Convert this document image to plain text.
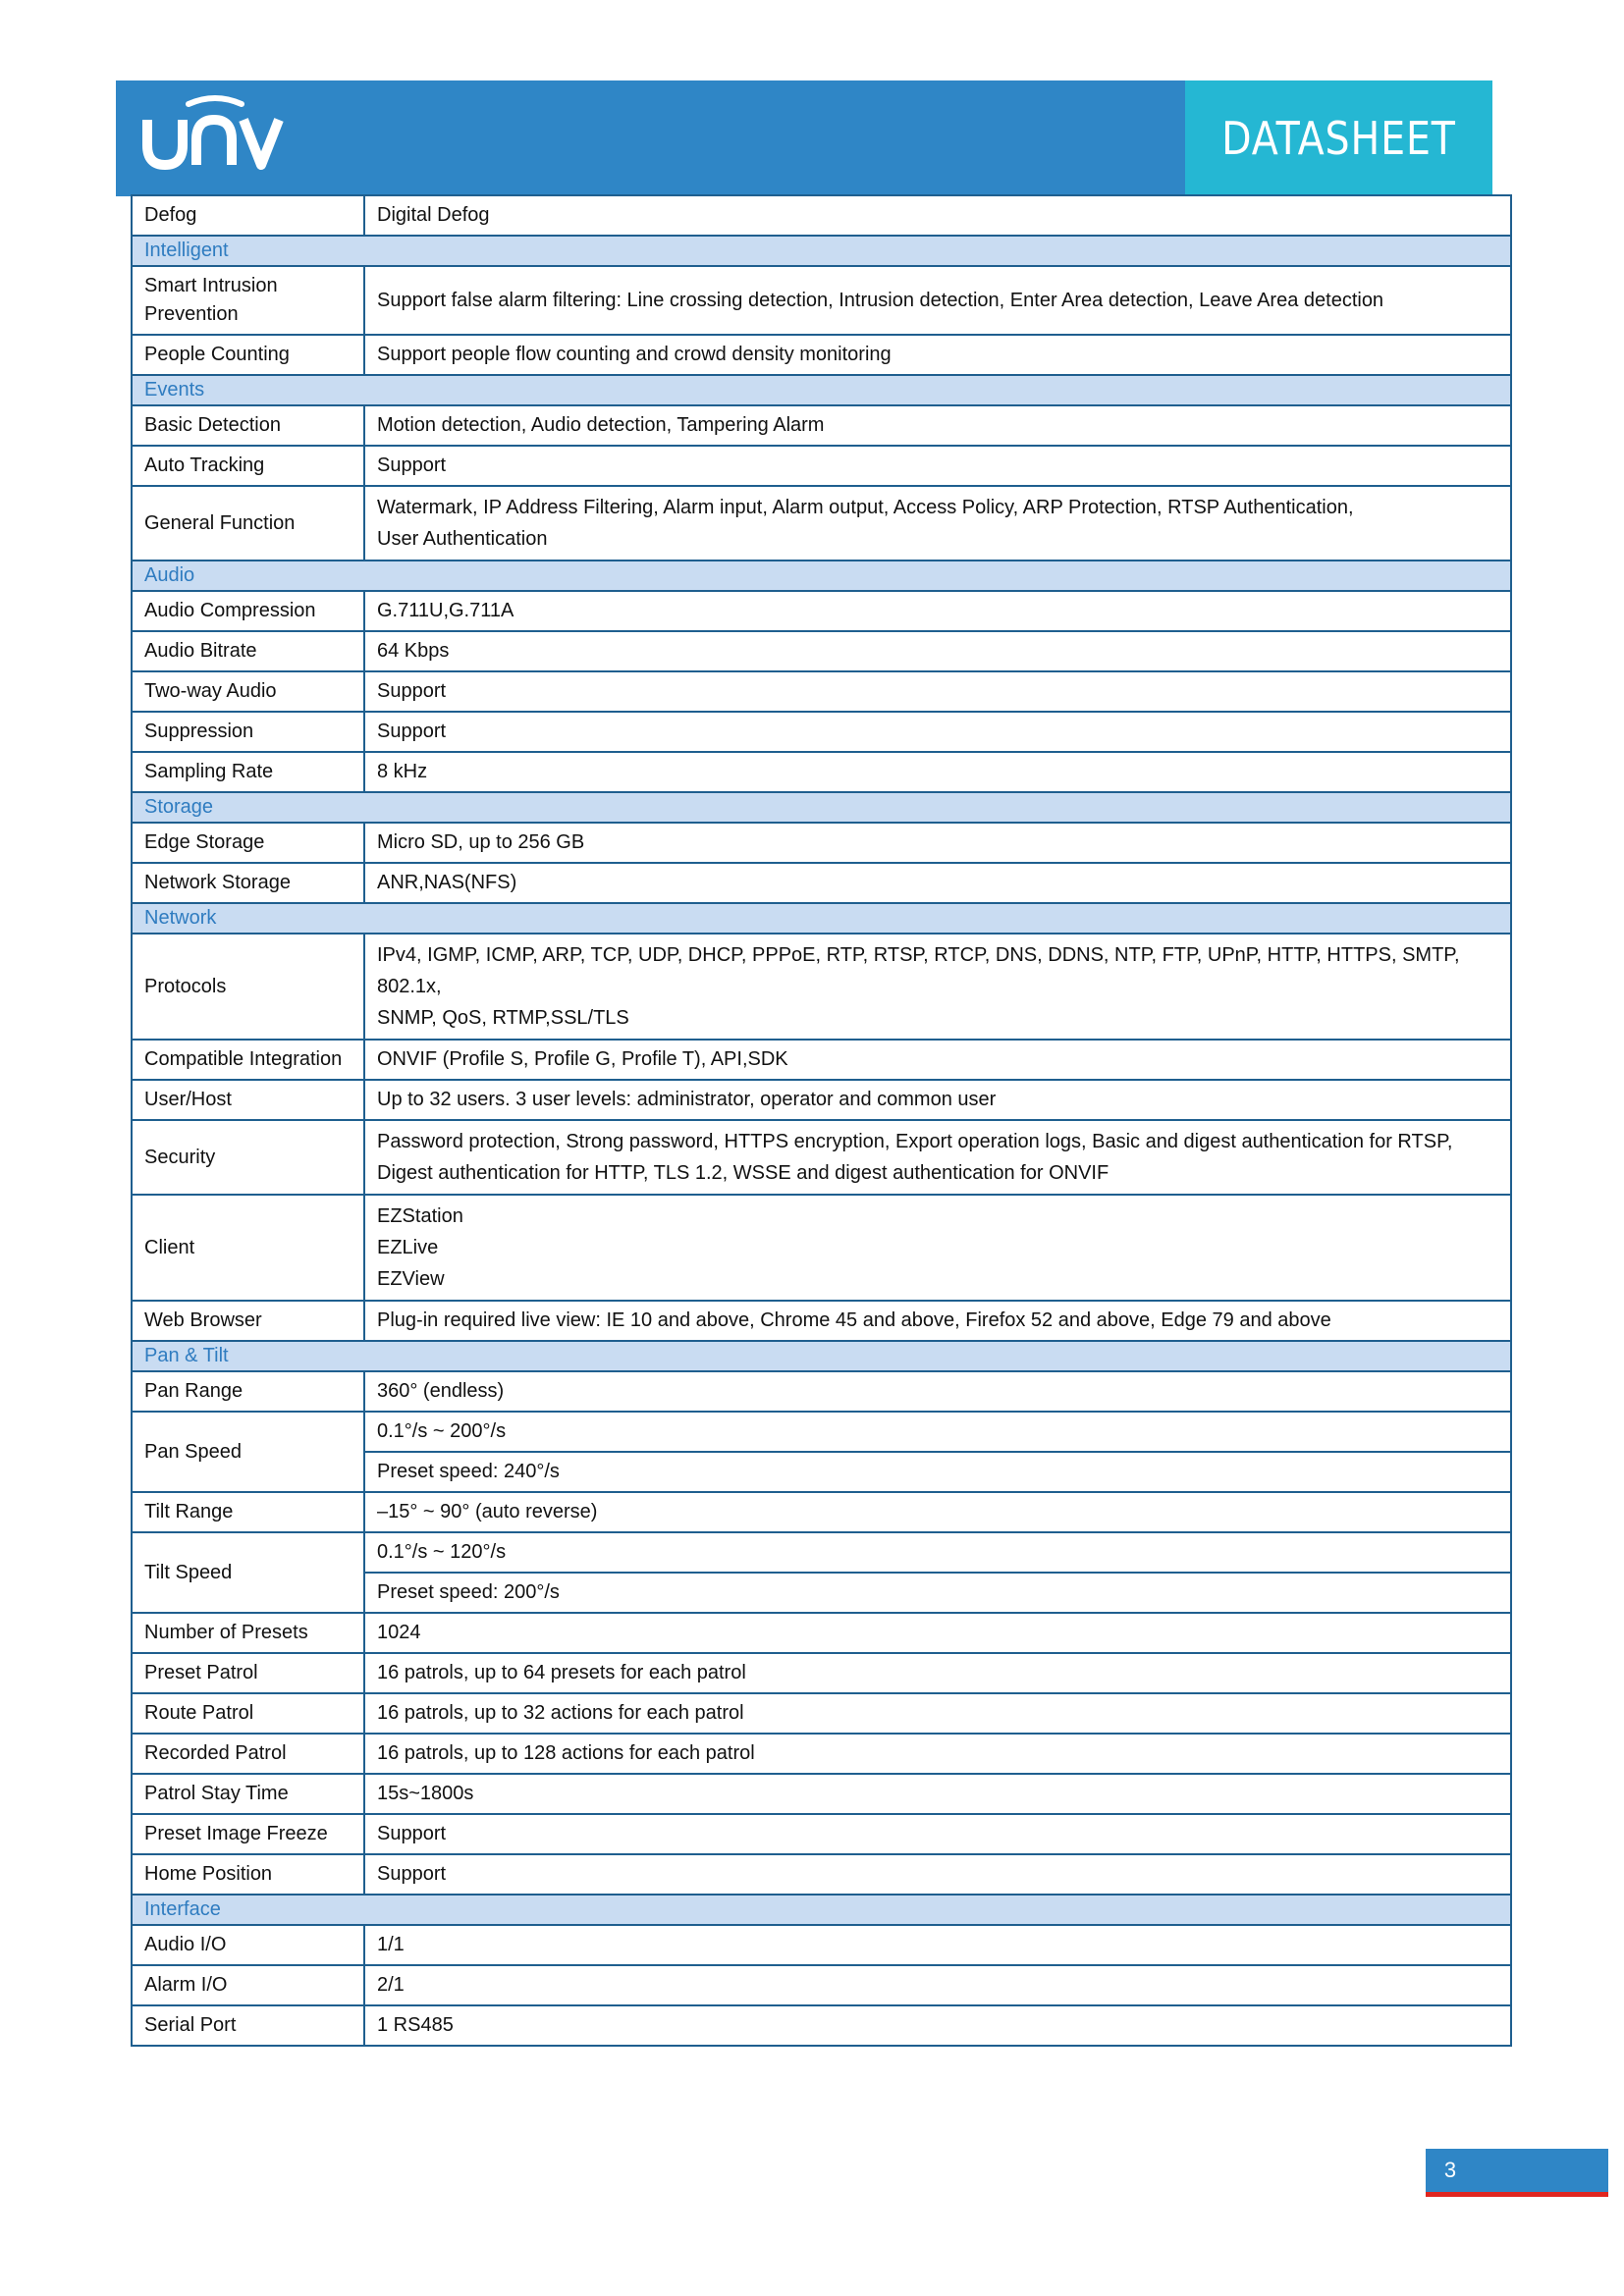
DATASHEET
Defog	Digital Defog

Intelligent	
Smart Intrusion Prevention	Support false alarm filtering: Line crossing detection, Intrusion detection, Enter Area detection, Leave Area detection

People Counting	Support people flow counting and crowd density monitoring

Events	
Basic Detection	Motion detection, Audio detection, Tampering Alarm

Auto Tracking	Support

General Function	Watermark, IP Address Filtering, Alarm input, Alarm output, Access Policy, ARP Protection, RTSP Authentication,
User Authentication

Audio	
Audio Compression	G.711U,G.711A

Audio Bitrate	64 Kbps

Two-way Audio	Support

Suppression	Support

Sampling Rate	8 kHz

Storage	
Edge Storage	Micro SD, up to 256 GB

Network Storage	ANR,NAS(NFS)

Network	
Protocols	IPv4, IGMP, ICMP, ARP, TCP, UDP, DHCP, PPPoE, RTP, RTSP, RTCP, DNS, DDNS, NTP, FTP, UPnP, HTTP, HTTPS, SMTP, 802.1x,
SNMP, QoS, RTMP,SSL/TLS

Compatible Integration	ONVIF (Profile S, Profile G, Profile T), API,SDK

User/Host	Up to 32 users. 3 user levels: administrator, operator and common user

Security	Password protection, Strong password, HTTPS encryption, Export operation logs, Basic and digest authentication for RTSP,
Digest authentication for HTTP, TLS 1.2, WSSE and digest authentication for ONVIF

Client	EZStation
EZLive
EZView

Web Browser	Plug-in required live view: IE 10 and above, Chrome 45 and above, Firefox 52 and above, Edge 79 and above

Pan & Tilt	
Pan Range	360° (endless)

Pan Speed	0.1°/s ~ 200°/s
	Preset speed: 240°/s
Tilt Range	–15° ~ 90° (auto reverse)

Tilt Speed	0.1°/s ~ 120°/s
	Preset speed: 200°/s
Number of Presets	1024

Preset Patrol	16 patrols, up to 64 presets for each patrol

Route Patrol	16 patrols, up to 32 actions for each patrol

Recorded Patrol	16 patrols, up to 128 actions for each patrol

Patrol Stay Time	15s~1800s

Preset Image Freeze	Support

Home Position	Support

Interface	
Audio I/O	1/1

Alarm I/O	2/1

Serial Port	1 RS485
3
